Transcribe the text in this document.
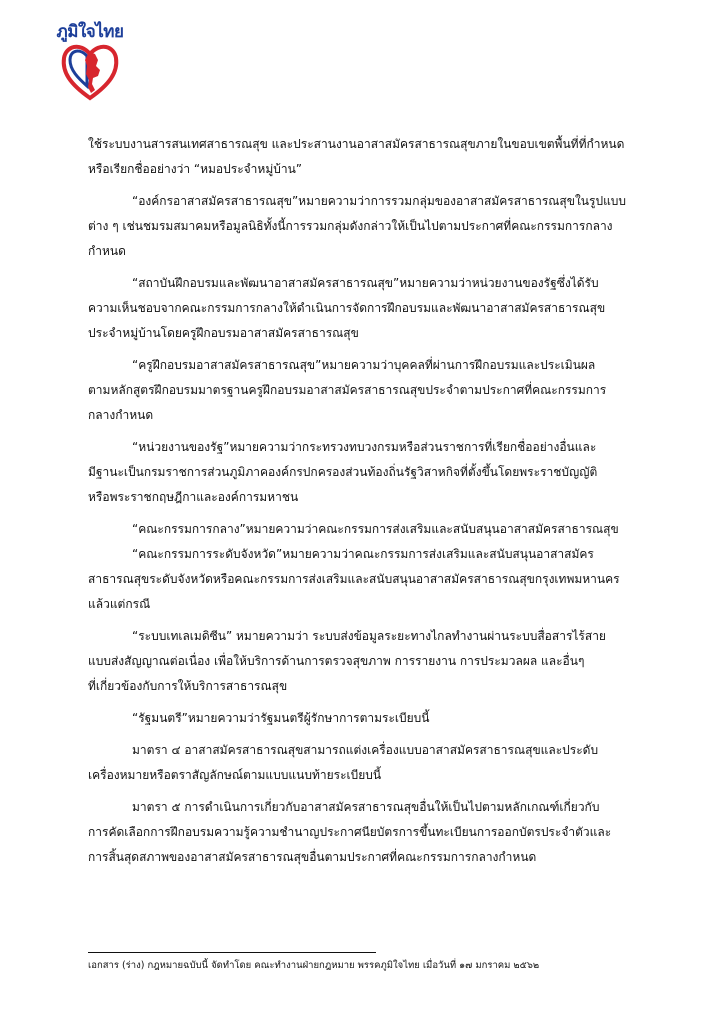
ภูมิใจไทย
ใช้ระบบงานสารสนเทศสาธารณสุข และประสานงานอาสาสมัครสาธารณสุขภายในขอบเขตพื้นที่ที่กำหนด
หรือเรียกชื่ออย่างว่า “หมอประจำหมู่บ้าน”
“องค์กรอาสาสมัครสาธารณสุข”หมายความว่าการรวมกลุ่มของอาสาสมัครสาธารณสุขในรูปแบบ
ต่าง ๆ เช่นชมรมสมาคมหรือมูลนิธิทั้งนี้การรวมกลุ่มดังกล่าวให้เป็นไปตามประกาศที่คณะกรรมการกลาง
กำหนด
“สถาบันฝึกอบรมและพัฒนาอาสาสมัครสาธารณสุข”หมายความว่าหน่วยงานของรัฐซึ่งได้รับ
ความเห็นชอบจากคณะกรรมการกลางให้ดำเนินการจัดการฝึกอบรมและพัฒนาอาสาสมัครสาธารณสุข
ประจำหมู่บ้านโดยครูฝึกอบรมอาสาสมัครสาธารณสุข
“ครูฝึกอบรมอาสาสมัครสาธารณสุข”หมายความว่าบุคคลที่ผ่านการฝึกอบรมและประเมินผล
ตามหลักสูตรฝึกอบรมมาตรฐานครูฝึกอบรมอาสาสมัครสาธารณสุขประจำตามประกาศที่คณะกรรมการ
กลางกำหนด
“หน่วยงานของรัฐ”หมายความว่ากระทรวงทบวงกรมหรือส่วนราชการที่เรียกชื่ออย่างอื่นและ
มีฐานะเป็นกรมราชการส่วนภูมิภาคองค์กรปกครองส่วนท้องถิ่นรัฐวิสาหกิจที่ตั้งขึ้นโดยพระราชบัญญัติ
หรือพระราชกฤษฎีกาและองค์การมหาชน
“คณะกรรมการกลาง”หมายความว่าคณะกรรมการส่งเสริมและสนับสนุนอาสาสมัครสาธารณสุข
“คณะกรรมการระดับจังหวัด”หมายความว่าคณะกรรมการส่งเสริมและสนับสนุนอาสาสมัคร
สาธารณสุขระดับจังหวัดหรือคณะกรรมการส่งเสริมและสนับสนุนอาสาสมัครสาธารณสุขกรุงเทพมหานคร
แล้วแต่กรณี
“ระบบเทเลเมดิซีน” หมายความว่า ระบบส่งข้อมูลระยะทางไกลทำงานผ่านระบบสื่อสารไร้สาย
แบบส่งสัญญาณต่อเนื่อง เพื่อให้บริการด้านการตรวจสุขภาพ การรายงาน การประมวลผล และอื่นๆ
ที่เกี่ยวข้องกับการให้บริการสาธารณสุข
“รัฐมนตรี”หมายความว่ารัฐมนตรีผู้รักษาการตามระเบียบนี้
มาตรา ๔ อาสาสมัครสาธารณสุขสามารถแต่งเครื่องแบบอาสาสมัครสาธารณสุขและประดับ
เครื่องหมายหรือตราสัญลักษณ์ตามแบบแนบท้ายระเบียบนี้
มาตรา ๕ การดำเนินการเกี่ยวกับอาสาสมัครสาธารณสุขอื่นให้เป็นไปตามหลักเกณฑ์เกี่ยวกับ
การคัดเลือกการฝึกอบรมความรู้ความชำนาญประกาศนียบัตรการขึ้นทะเบียนการออกบัตรประจำตัวและ
การสิ้นสุดสภาพของอาสาสมัครสาธารณสุขอื่นตามประกาศที่คณะกรรมการกลางกำหนด
เอกสาร (ร่าง) กฎหมายฉบับนี้ จัดทำโดย คณะทำงานฝ่ายกฎหมาย พรรคภูมิใจไทย เมื่อวันที่ ๑๗ มกราคม ๒๕๖๒
